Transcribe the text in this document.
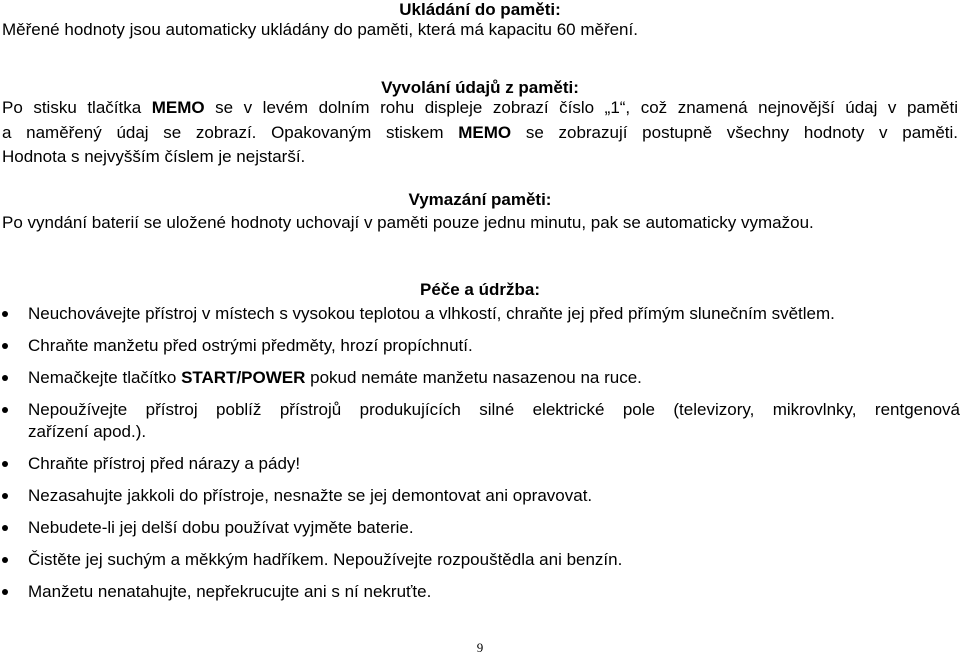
Ukládání do paměti:
Měřené hodnoty jsou automaticky ukládány do paměti, která má kapacitu 60 měření.
Vyvolání údajů z paměti:
Po stisku tlačítka MEMO se v levém dolním rohu displeje zobrazí číslo „1“, což znamená nejnovější údaj v paměti
a naměřený údaj se zobrazí. Opakovaným stiskem MEMO se zobrazují postupně všechny hodnoty v paměti.
Hodnota s nejvyšším číslem je nejstarší.
Vymazání paměti:
Po vyndání baterií se uložené hodnoty uchovají v paměti pouze jednu minutu, pak se automaticky vymažou.
Péče a údržba:
Neuchovávejte přístroj v místech s vysokou teplotou a vlhkostí, chraňte jej před přímým slunečním světlem.
Chraňte manžetu před ostrými předměty, hrozí propíchnutí.
Nemačkejte tlačítko START/POWER pokud nemáte manžetu nasazenou na ruce.
Nepoužívejte přístroj poblíž přístrojů produkujících silné elektrické pole (televizory, mikrovlnky, rentgenová
zařízení apod.).
Chraňte přístroj před nárazy a pády!
Nezasahujte jakkoli do přístroje, nesnažte se jej demontovat ani opravovat.
Nebudete-li jej delší dobu používat vyjměte baterie.
Čistěte jej suchým a měkkým hadříkem. Nepoužívejte rozpouštědla ani benzín.
Manžetu nenatahujte, nepřekrucujte ani s ní nekruťte.
9
